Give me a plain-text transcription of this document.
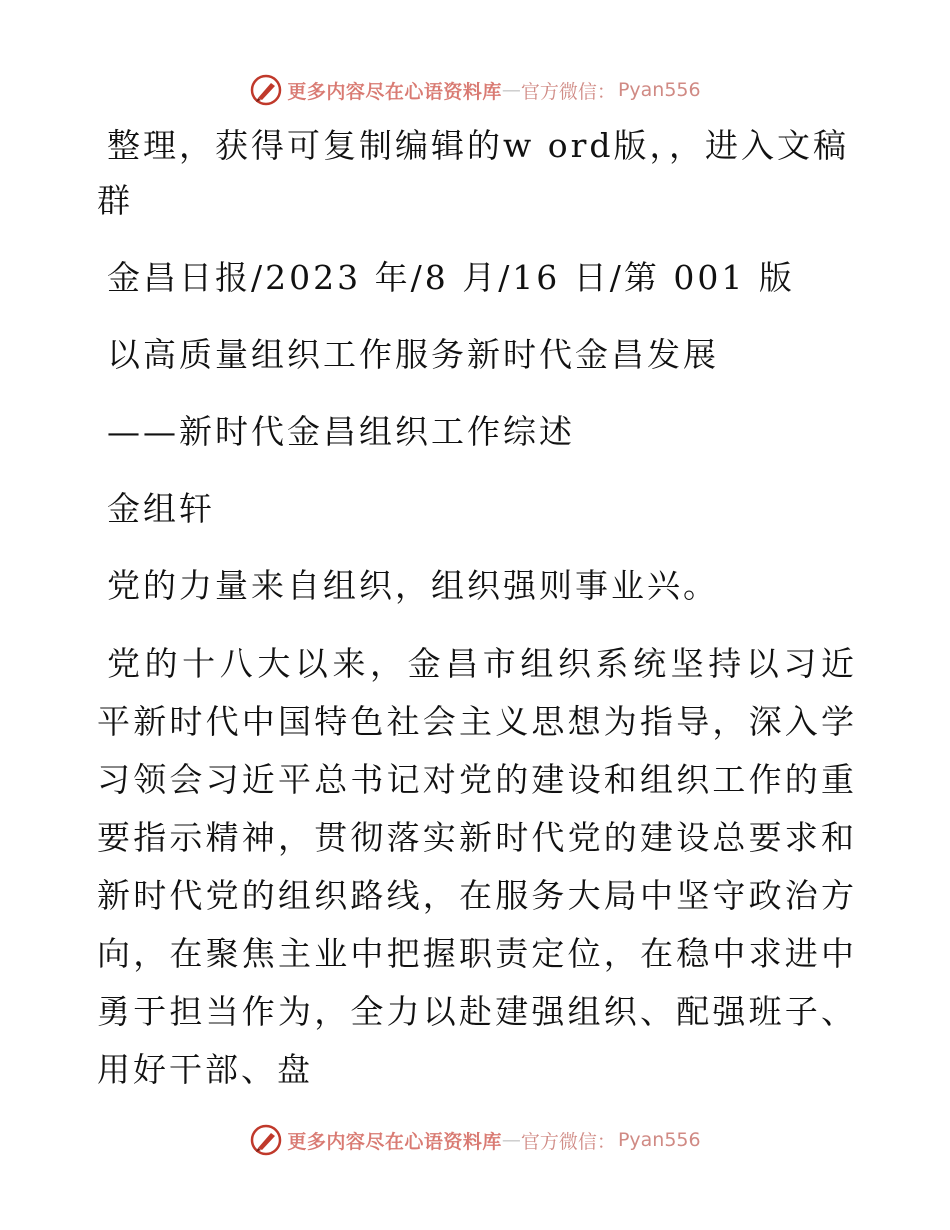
更多内容尽在心语资料库 — 官方微信： Pyan556

整理，获得可复制编辑的w ord版，，进入文稿群

金昌日报/2023 年/8 月/16 日/第 001 版

以高质量组织工作服务新时代金昌发展

——新时代金昌组织工作综述

金组轩

党的力量来自组织，组织强则事业兴。

党的十八大以来，金昌市组织系统坚持以习近平新时代中国特色社会主义思想为指导，深入学习领会习近平总书记对党的建设和组织工作的重要指示精神，贯彻落实新时代党的建设总要求和新时代党的组织路线，在服务大局中坚守政治方向，在聚焦主业中把握职责定位，在稳中求进中勇于担当作为，全力以赴建强组织、配强班子、用好干部、盘

更多内容尽在心语资料库 — 官方微信： Pyan556
